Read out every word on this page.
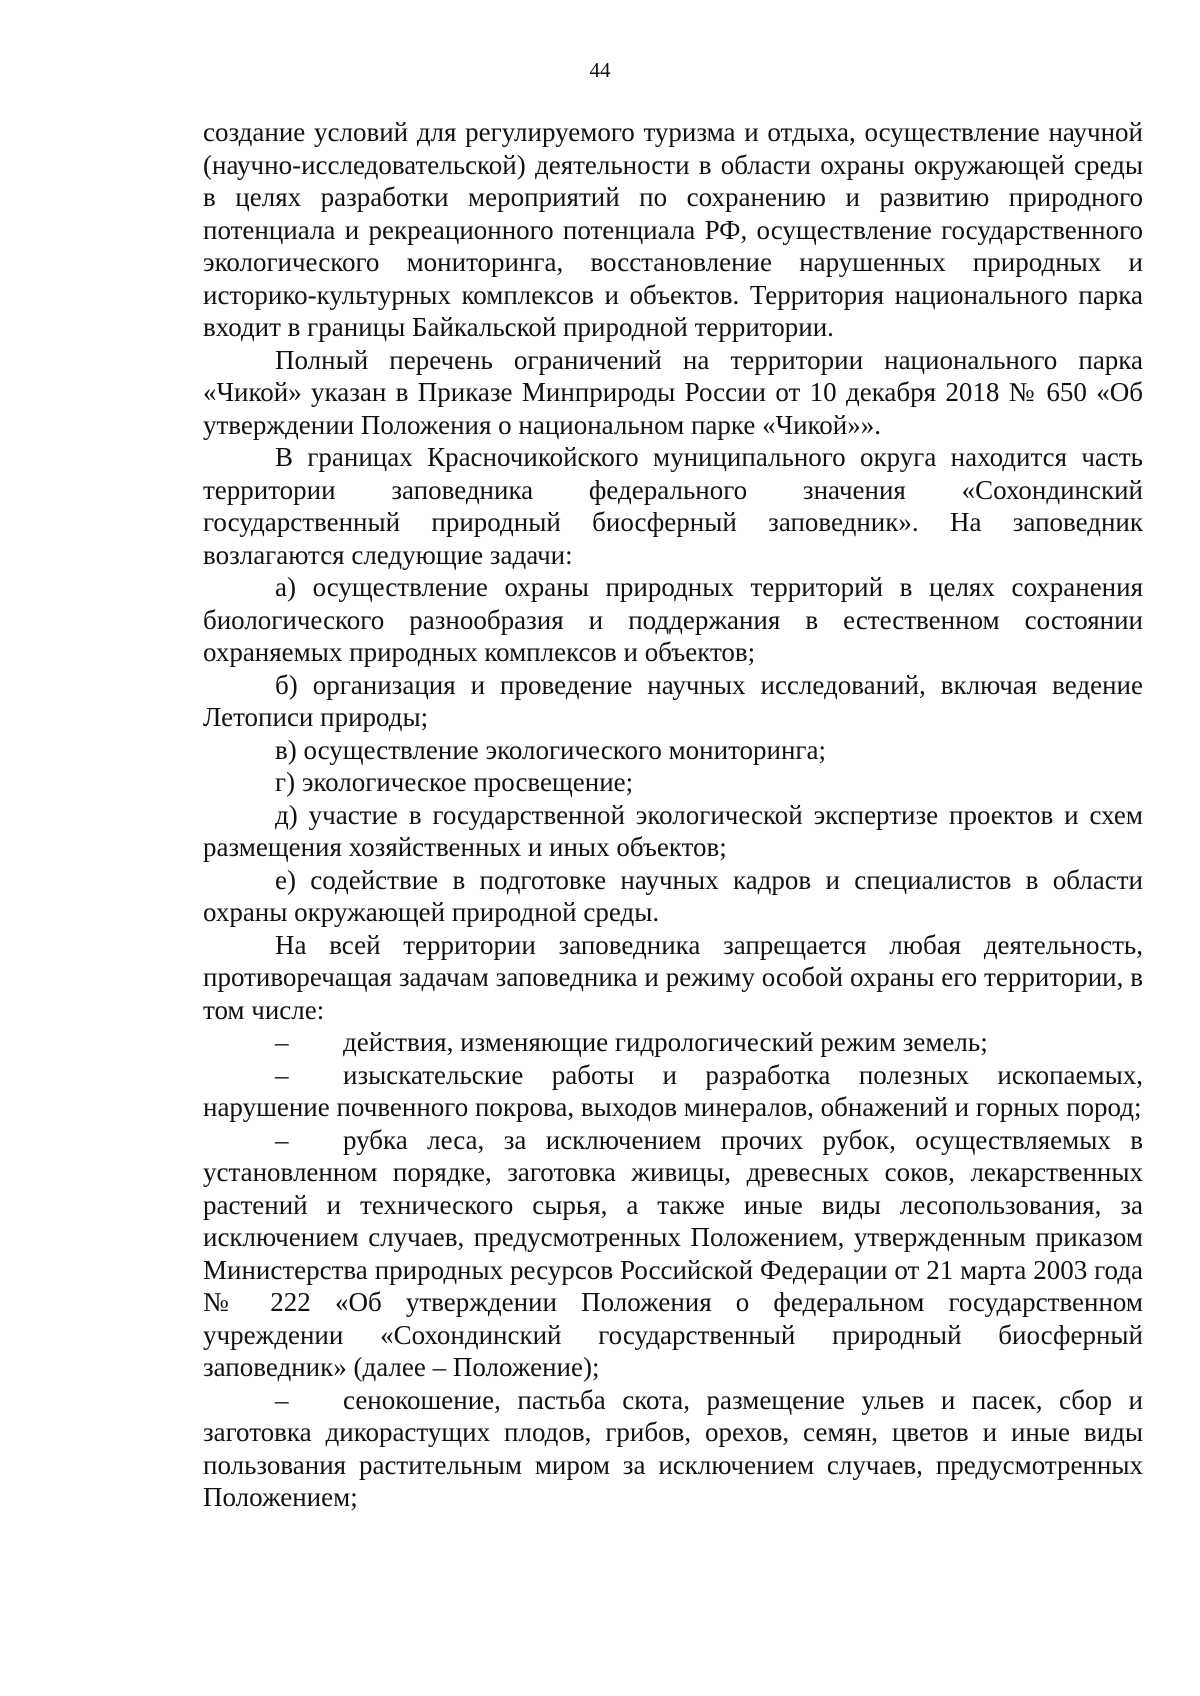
44

создание условий для регулируемого туризма и отдыха, осуществление научной (научно-исследовательской) деятельности в области охраны окружающей среды в целях разработки мероприятий по сохранению и развитию природного потенциала и рекреационного потенциала РФ, осуществление государственного экологического мониторинга, восстановление нарушенных природных и историко-культурных комплексов и объектов. Территория национального парка входит в границы Байкальской природной территории.

Полный перечень ограничений на территории национального парка «Чикой» указан в Приказе Минприроды России от 10 декабря 2018 № 650 «Об утверждении Положения о национальном парке «Чикой»».

В границах Красночикойского муниципального округа находится часть территории заповедника федерального значения «Сохондинский государственный природный биосферный заповедник». На заповедник возлагаются следующие задачи:

а) осуществление охраны природных территорий в целях сохранения биологического разнообразия и поддержания в естественном состоянии охраняемых природных комплексов и объектов;

б) организация и проведение научных исследований, включая ведение Летописи природы;

в) осуществление экологического мониторинга;

г) экологическое просвещение;

д) участие в государственной экологической экспертизе проектов и схем размещения хозяйственных и иных объектов;

е) содействие в подготовке научных кадров и специалистов в области охраны окружающей природной среды.

На всей территории заповедника запрещается любая деятельность, противоречащая задачам заповедника и режиму особой охраны его территории, в том числе:

– действия, изменяющие гидрологический режим земель;

– изыскательские работы и разработка полезных ископаемых, нарушение почвенного покрова, выходов минералов, обнажений и горных пород;

– рубка леса, за исключением прочих рубок, осуществляемых в установленном порядке, заготовка живицы, древесных соков, лекарственных растений и технического сырья, а также иные виды лесопользования, за исключением случаев, предусмотренных Положением, утвержденным приказом Министерства природных ресурсов Российской Федерации от 21 марта 2003 года № 222 «Об утверждении Положения о федеральном государственном учреждении «Сохондинский государственный природный биосферный заповедник» (далее – Положение);

– сенокошение, пастьба скота, размещение ульев и пасек, сбор и заготовка дикорастущих плодов, грибов, орехов, семян, цветов и иные виды пользования растительным миром за исключением случаев, предусмотренных Положением;
